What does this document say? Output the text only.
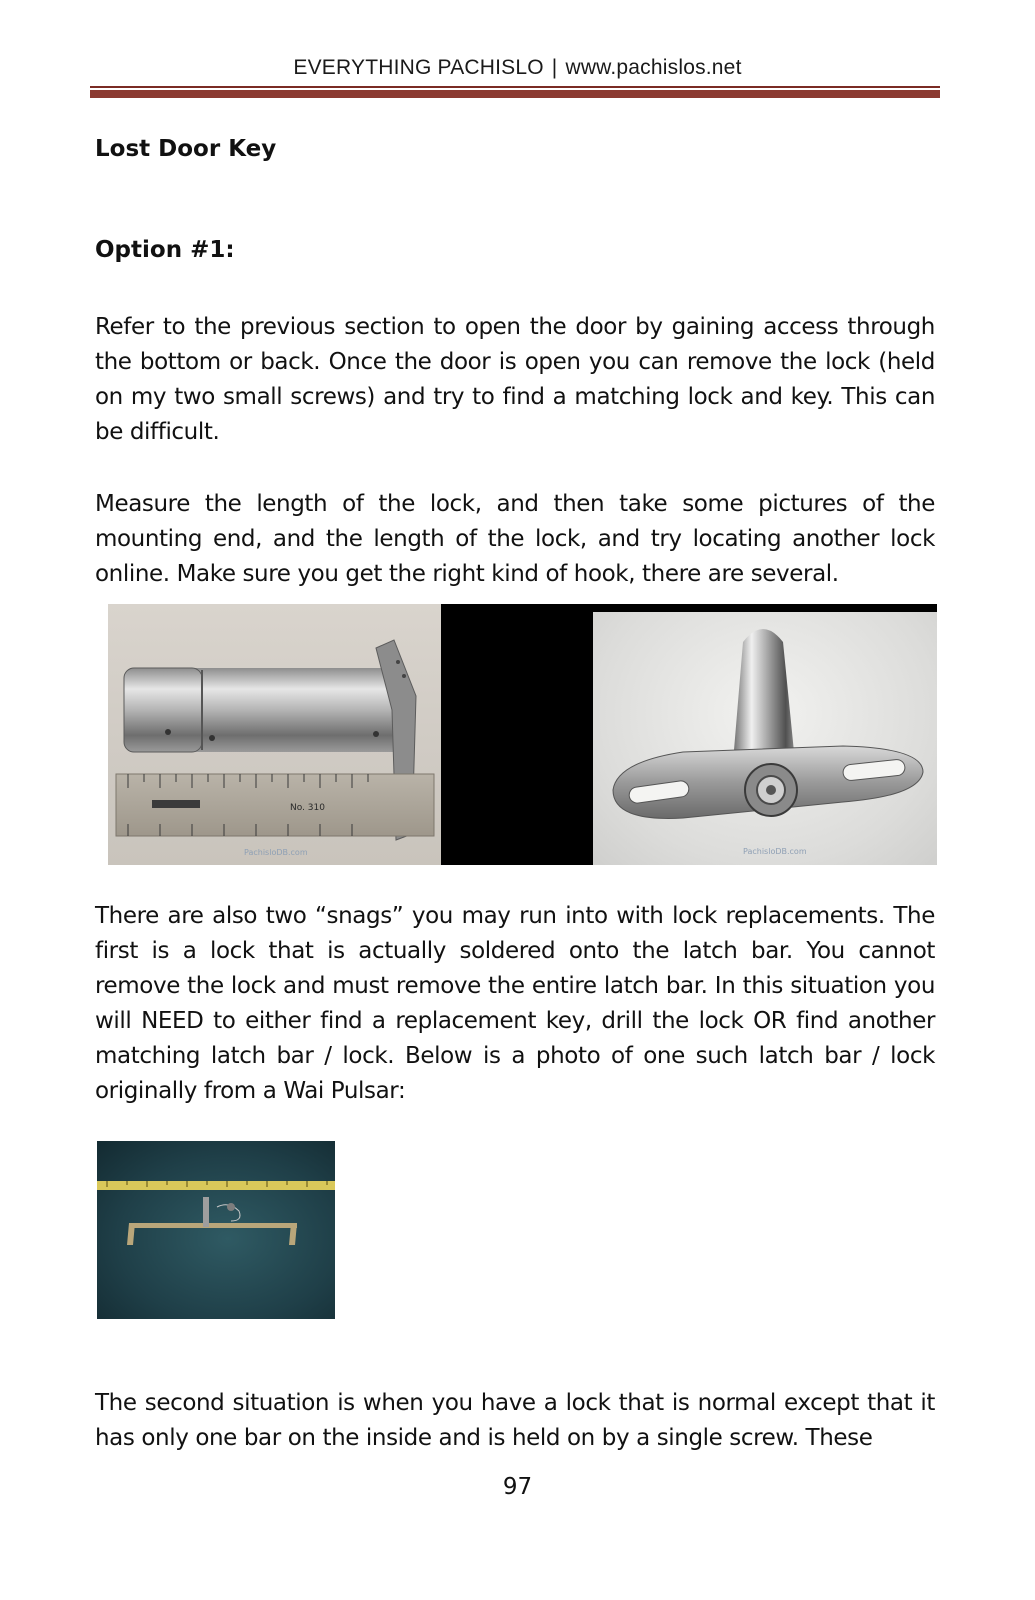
EVERYTHING PACHISLO | www.pachislos.net
Lost Door Key
Option #1:
Refer to the previous section to open the door by gaining access through the bottom or back. Once the door is open you can remove the lock (held on my two small screws) and try to find a matching lock and key. This can be difficult.
Measure the length of the lock, and then take some pictures of the mounting end, and the length of the lock, and try locating another lock online. Make sure you get the right kind of hook, there are several.
No. 310
PachisloDB.com	PachisloDB.com
There are also two “snags” you may run into with lock replacements. The first is a lock that is actually soldered onto the latch bar. You cannot remove the lock and must remove the entire latch bar. In this situation you will NEED to either find a replacement key, drill the lock OR find another matching latch bar / lock. Below is a photo of one such latch bar / lock originally from a Wai Pulsar:
The second situation is when you have a lock that is normal except that it has only one bar on the inside and is held on by a single screw. These
97
